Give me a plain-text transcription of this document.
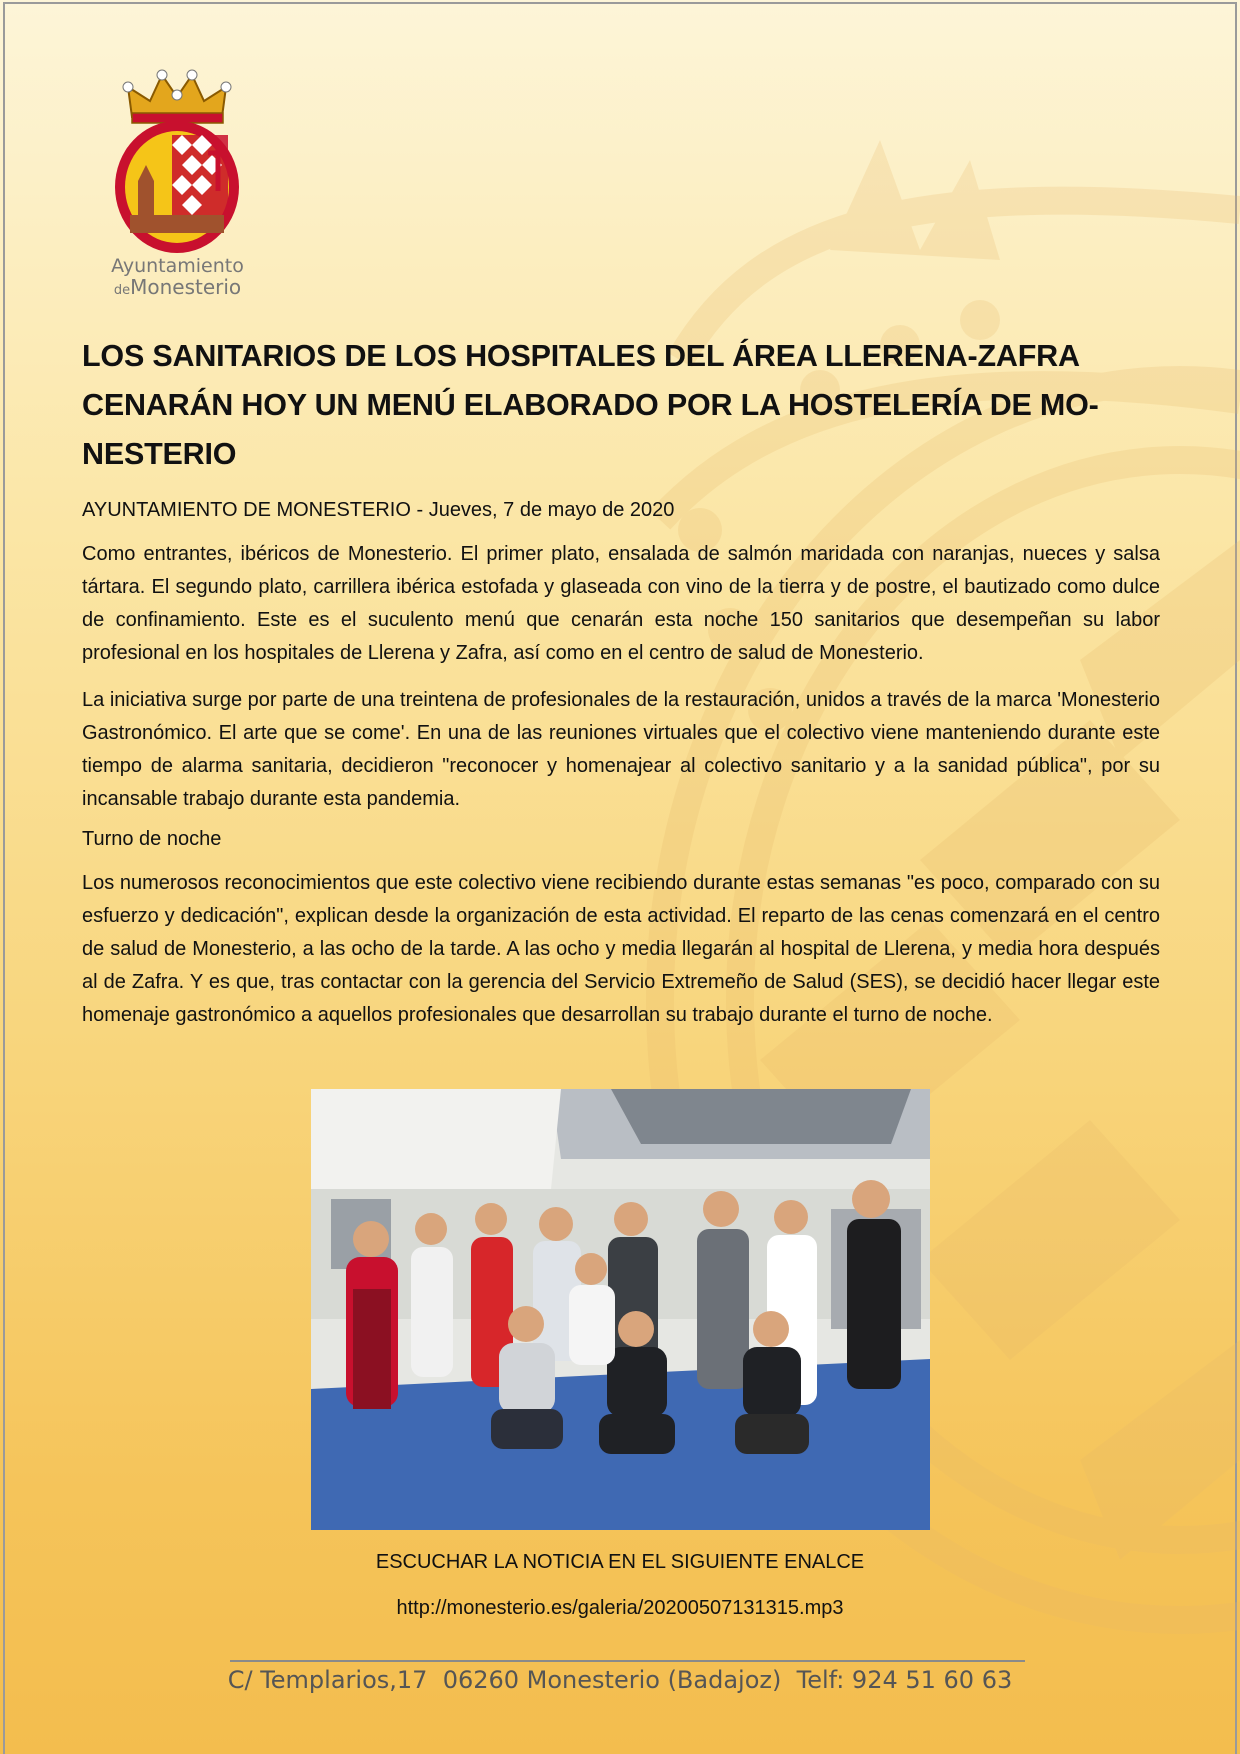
Ayuntamiento
deMonesterio
LOS SANITARIOS DE LOS HOSPITALES DEL ÁREA LLERENA-ZAFRA
CENARÁN HOY UN MENÚ ELABORADO POR LA HOSTELERÍA DE MO-
NESTERIO

AYUNTAMIENTO DE MONESTERIO - Jueves, 7 de mayo de 2020

Como entrantes, ibéricos de Monesterio. El primer plato, ensalada de salmón maridada con naranjas, nueces y salsa tártara. El segundo plato, carrillera ibérica estofada y glaseada con vino de la tierra y de postre, el bautizado como dulce de confinamiento. Este es el suculento menú que cenarán esta noche 150 sanitarios que desempeñan su labor profesional en los hospitales de Llerena y Zafra, así como en el centro de salud de Monesterio.

La iniciativa surge por parte de una treintena de profesionales de la restauración, unidos a través de la marca 'Monesterio Gastronómico. El arte que se come'. En una de las reuniones virtuales que el colectivo viene manteniendo durante este tiempo de alarma sanitaria, decidieron "reconocer y homenajear al colectivo sanitario y a la sanidad pública", por su incansable trabajo durante esta pandemia.

Turno de noche

Los numerosos reconocimientos que este colectivo viene recibiendo durante estas semanas "es poco, comparado con su esfuerzo y dedicación", explican desde la organización de esta actividad. El reparto de las cenas comenzará en el centro de salud de Monesterio, a las ocho de la tarde. A las ocho y media llegarán al hospital de Llerena, y media hora después al de Zafra. Y es que, tras contactar con la gerencia del Servicio Extremeño de Salud (SES), se decidió hacer llegar este homenaje gastronómico a aquellos profesionales que desarrollan su trabajo durante el turno de noche.

ESCUCHAR LA NOTICIA EN EL SIGUIENTE ENALCE
http://monesterio.es/galeria/20200507131315.mp3
C/ Templarios,17  06260 Monesterio (Badajoz)  Telf: 924 51 60 63
